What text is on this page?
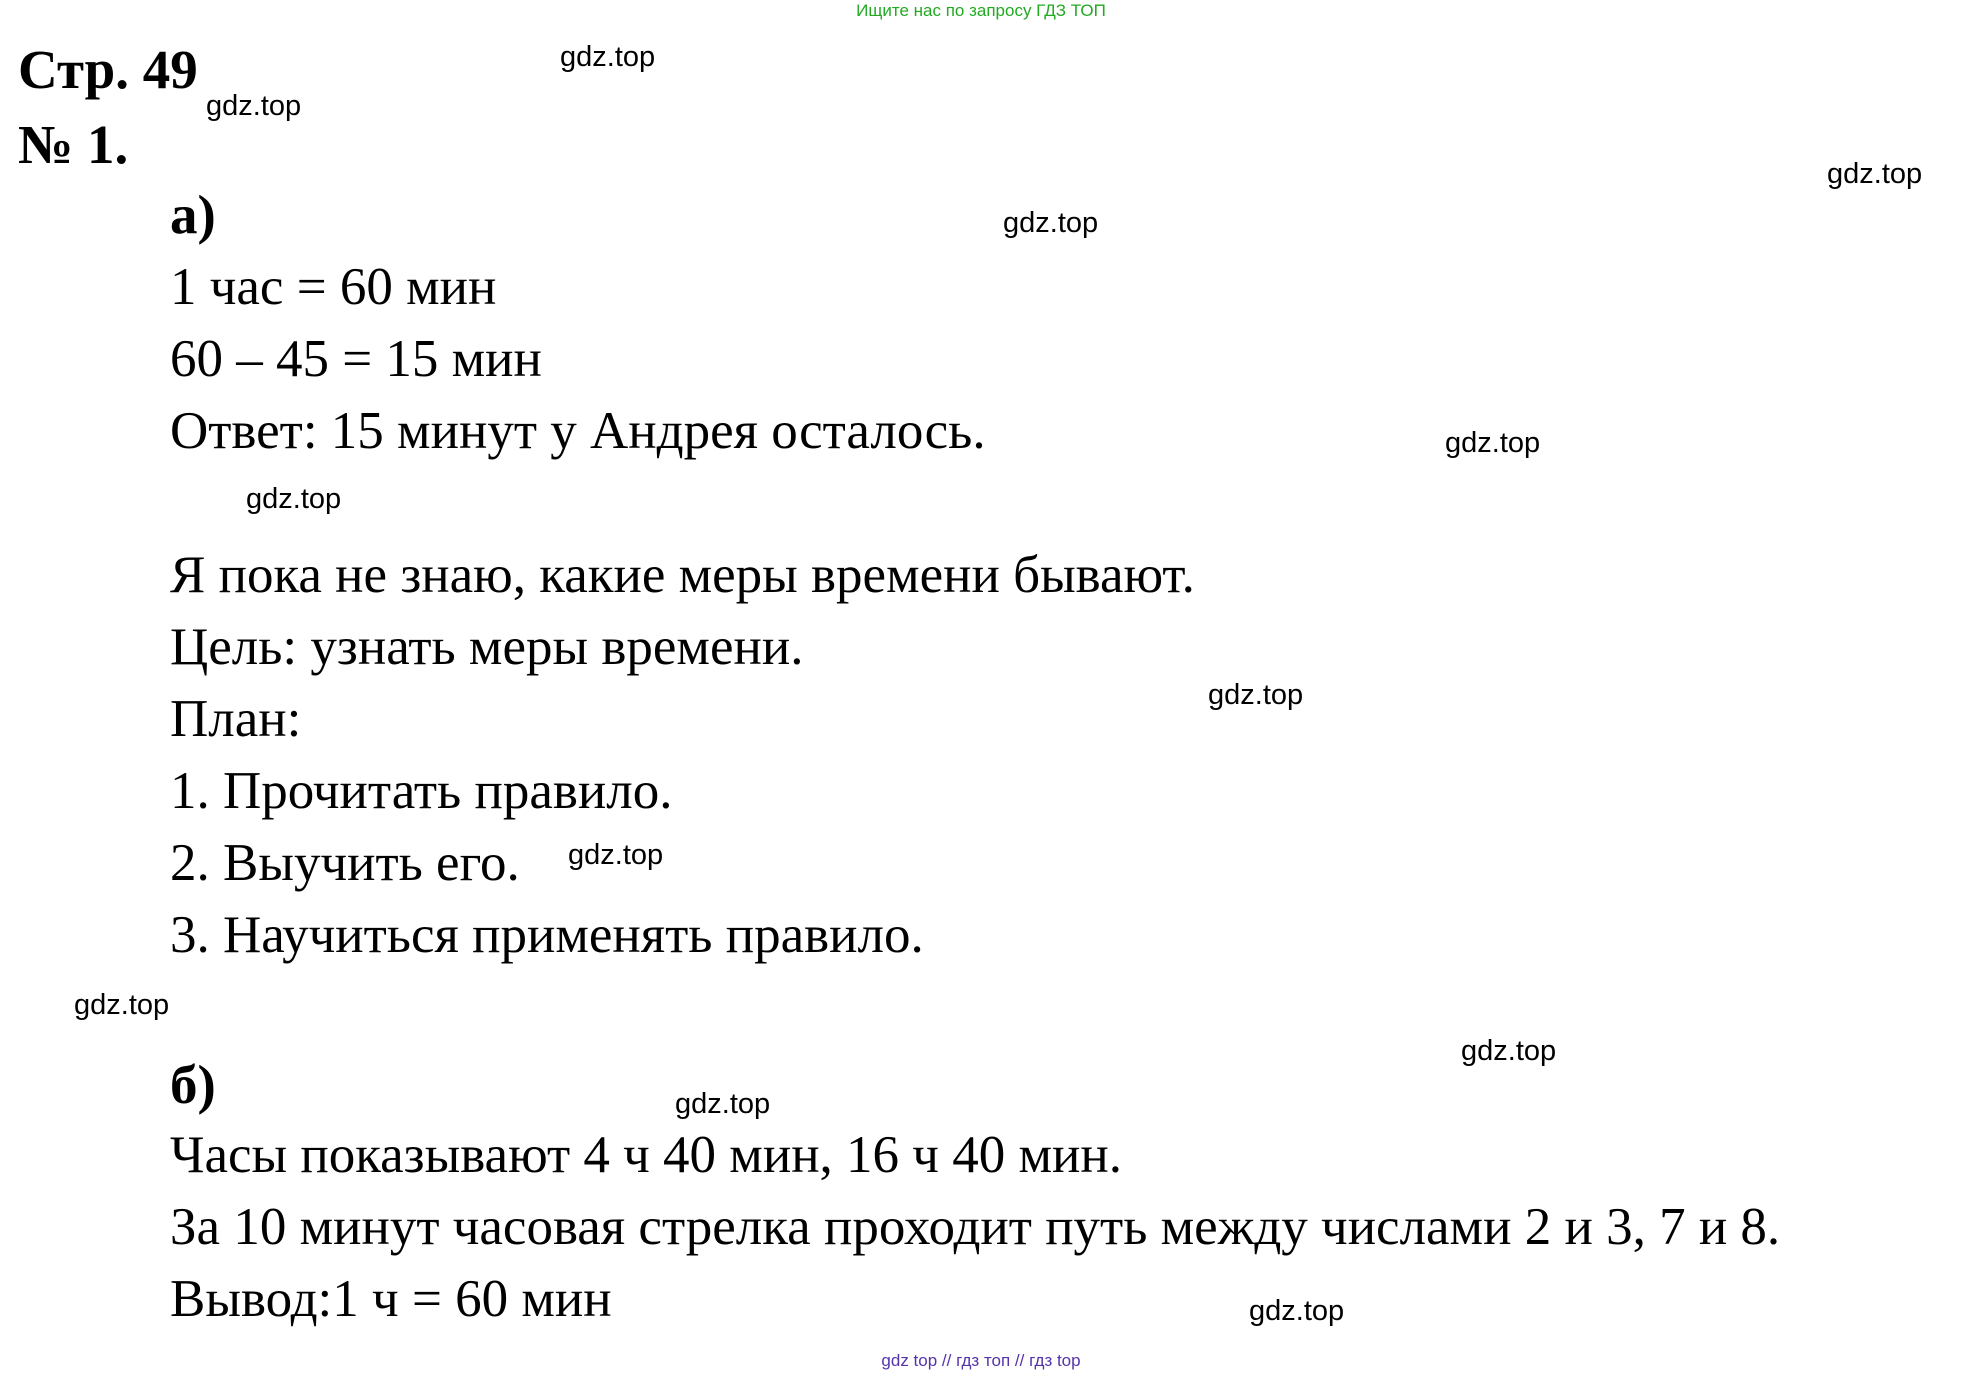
Ищите нас по запросу ГДЗ ТОП
Стр. 49
№ 1.
а)
1 час = 60 мин
60 – 45 = 15 мин
Ответ: 15 минут у Андрея осталось.
Я пока не знаю, какие меры времени бывают.
Цель: узнать меры времени.
План:
1. Прочитать правило.
2. Выучить его.
3. Научиться применять правило.
б)
Часы показывают 4 ч 40 мин, 16 ч 40 мин.
За 10 минут часовая стрелка проходит путь между числами 2 и 3, 7 и 8.
Вывод:1 ч = 60 мин
gdz.top
gdz.top
gdz.top
gdz.top
gdz.top
gdz.top
gdz.top
gdz.top
gdz.top
gdz.top
gdz.top
gdz.top
gdz top // гдз топ // гдз top
